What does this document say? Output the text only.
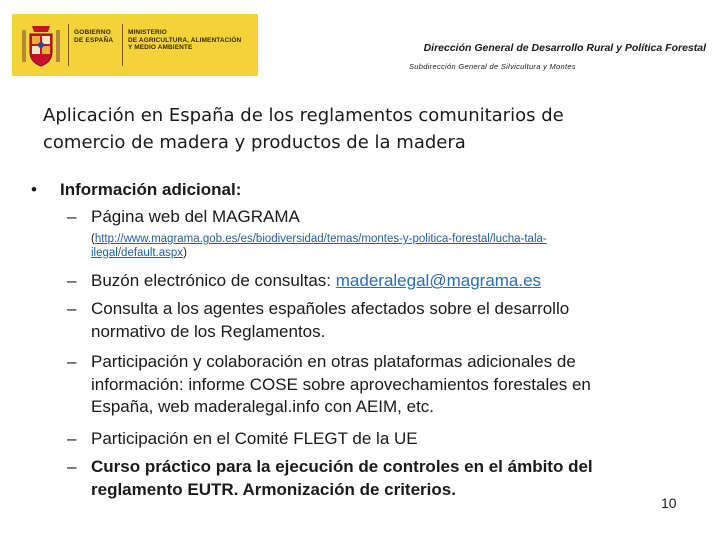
GOBIERNO
DE ESPAÑA
MINISTERIO
DE AGRICULTURA, ALIMENTACIÓN
Y MEDIO AMBIENTE	Dirección General de Desarrollo Rural y Política Forestal
Subdirección General de Silvicultura y Montes
Aplicación en España de los reglamentos comunitarios de
comercio de madera y productos de la madera
• Información adicional:
– Página web del MAGRAMA
(http://www.magrama.gob.es/es/biodiversidad/temas/montes-y-politica-forestal/lucha-tala-
ilegal/default.aspx)
– Buzón electrónico de consultas: maderalegal@magrama.es
– Consulta a los agentes españoles afectados sobre el desarrollo
normativo de los Reglamentos.
– Participación y colaboración en otras plataformas adicionales de
información: informe COSE sobre aprovechamientos forestales en
España, web maderalegal.info con AEIM, etc.
– Participación en el Comité FLEGT de la UE
– Curso práctico para la ejecución de controles en el ámbito del
reglamento EUTR. Armonización de criterios.
10
